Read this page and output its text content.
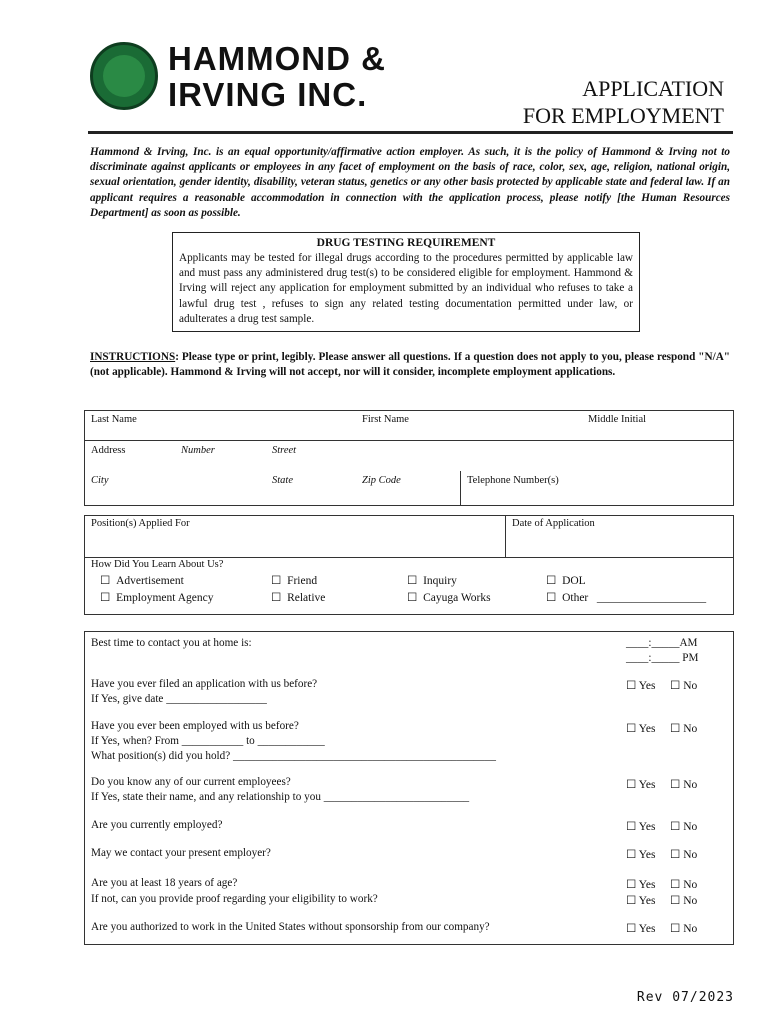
HAMMOND &
IRVING INC.	APPLICATION
FOR EMPLOYMENT
Hammond & Irving, Inc. is an equal opportunity/affirmative action employer. As such, it is the policy of Hammond & Irving not to discriminate against applicants or employees in any facet of employment on the basis of race, color, sex, age, religion, national origin, sexual orientation, gender identity, disability, veteran status, genetics or any other basis protected by applicable state and federal law. If an applicant requires a reasonable accommodation in connection with the application process, please notify [the Human Resources Department] as soon as possible.
DRUG TESTING REQUIREMENT
Applicants may be tested for illegal drugs according to the procedures permitted by applicable law and must pass any administered drug test(s) to be considered eligible for employment. Hammond & Irving will reject any application for employment submitted by an individual who refuses to take a lawful drug test , refuses to sign any related testing documentation permitted under law, or adulterates a drug test sample.
INSTRUCTIONS: Please type or print, legibly. Please answer all questions. If a question does not apply to you, please respond "N/A" (not applicable). Hammond & Irving will not accept, nor will it consider, incomplete employment applications.
Last Name	First Name	Middle Initial
Address	Number	Street
City	State	Zip Code	Telephone Number(s)
Position(s) Applied For	Date of Application
How Did You Learn About Us?
☐ Advertisement	☐ Friend	☐ Inquiry	☐ DOL
☐ Employment Agency	☐ Relative	☐ Cayuga Works	☐ Other ___________________
Best time to contact you at home is:	____:_____AM
____:_____ PM
Have you ever filed an application with us before?
If Yes, give date __________________
☐ Yes ☐ No
Have you ever been employed with us before?
If Yes, when? From ___________ to ____________
What position(s) did you hold? _______________________________________________
☐ Yes ☐ No
Do you know any of our current employees?
If Yes, state their name, and any relationship to you __________________________
☐ Yes ☐ No
Are you currently employed?	☐ Yes ☐ No
May we contact your present employer?	☐ Yes ☐ No
Are you at least 18 years of age?
If not, can you provide proof regarding your eligibility to work?
☐ Yes ☐ No
☐ Yes ☐ No
Are you authorized to work in the United States without sponsorship from our company?	☐ Yes ☐ No
Rev 07/2023
